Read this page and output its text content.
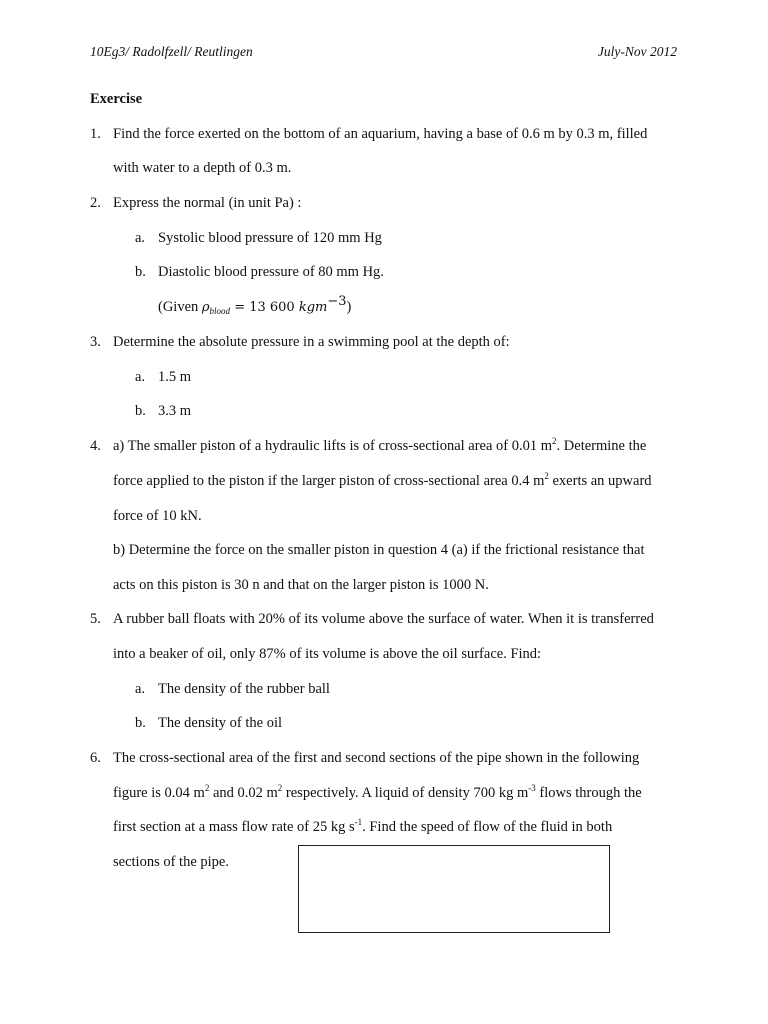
10Eg3/ Radolfzell/ Reutlingen	July-Nov 2012
Exercise
1. Find the force exerted on the bottom of an aquarium, having a base of 0.6 m by 0.3 m, filled
with water to a depth of 0.3 m.
2. Express the normal (in unit Pa) :
a. Systolic blood pressure of 120 mm Hg
b. Diastolic blood pressure of 80 mm Hg.
(Given $\rho_{blood} = 13$ 600 kgm$^{-3}$)
3. Determine the absolute pressure in a swimming pool at the depth of:
a. 1.5 m
b. 3.3 m
4. a) The smaller piston of a hydraulic lifts is of cross-sectional area of 0.01 $m^2$. Determine the
force applied to the piston if the larger piston of cross-sectional area 0.4 $m^2$ exerts an upward
force of 10 kN.
b) Determine the force on the smaller piston in question 4 (a) if the frictional resistance that
acts on this piston is 30 n and that on the larger piston is 1000 N.
5. A rubber ball floats with 20% of its volume above the surface of water. When it is transferred
into a beaker of oil, only 87% of its volume is above the oil surface. Find:
a. The density of the rubber ball
b. The density of the oil
6. The cross-sectional area of the first and second sections of the pipe shown in the following
figure is 0.04 $m^2$ and 0.02 $m^2$ respectively. A liquid of density 700 kg $m^{-3}$ flows through the
first section at a mass flow rate of 25 kg $s^{-1}$. Find the speed of flow of the fluid in both
sections of the pipe.
